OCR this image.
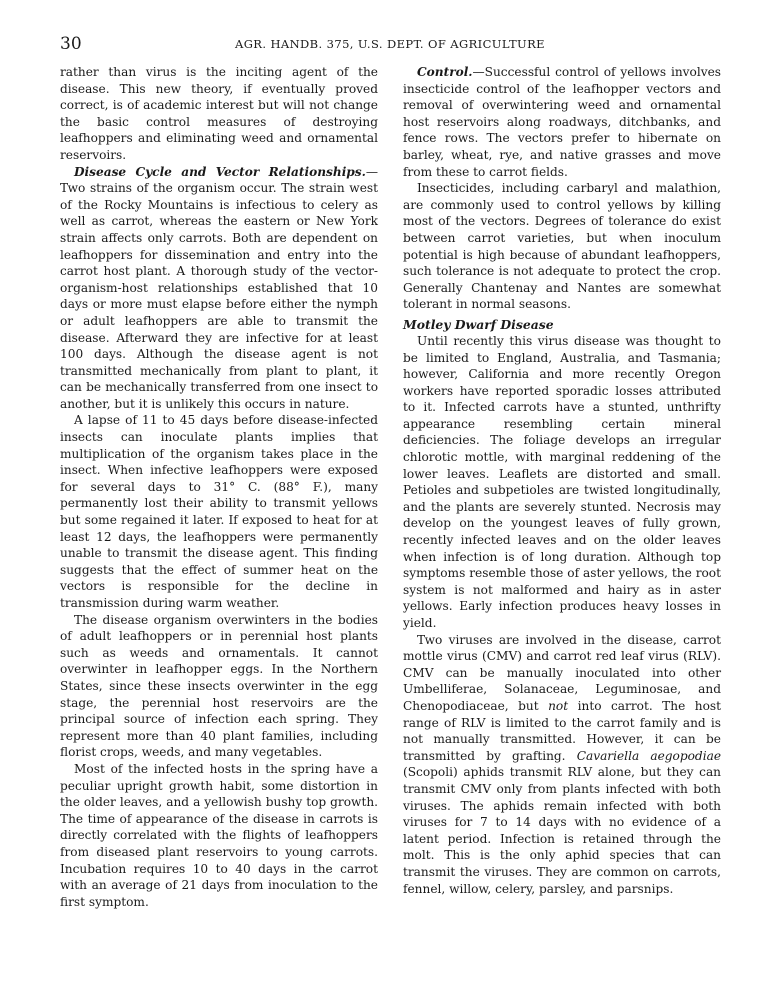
30	AGR. HANDB. 375, U.S. DEPT. OF AGRICULTURE

rather than virus is the inciting agent of the disease. This new theory, if eventually proved correct, is of academic interest but will not change the basic control measures of destroying leafhoppers and eliminating weed and ornamental reservoirs.

Disease Cycle and Vector Relationships.— Two strains of the organism occur. The strain west of the Rocky Mountains is infectious to celery as well as carrot, whereas the eastern or New York strain affects only carrots. Both are dependent on leafhoppers for dissemination and entry into the carrot host plant. A thorough study of the vector-organism-host relationships established that 10 days or more must elapse before either the nymph or adult leafhoppers are able to transmit the disease. Afterward they are infective for at least 100 days. Although the disease agent is not transmitted mechanically from plant to plant, it can be mechanically transferred from one insect to another, but it is unlikely this occurs in nature.

A lapse of 11 to 45 days before disease-infected insects can inoculate plants implies that multiplication of the organism takes place in the insect. When infective leafhoppers were exposed for several days to 31° C. (88° F.), many permanently lost their ability to transmit yellows but some regained it later. If exposed to heat for at least 12 days, the leafhoppers were permanently unable to transmit the disease agent. This finding suggests that the effect of summer heat on the vectors is responsible for the decline in transmission during warm weather.

The disease organism overwinters in the bodies of adult leafhoppers or in perennial host plants such as weeds and ornamentals. It cannot overwinter in leafhopper eggs. In the Northern States, since these insects overwinter in the egg stage, the perennial host reservoirs are the principal source of infection each spring. They represent more than 40 plant families, including florist crops, weeds, and many vegetables.

Most of the infected hosts in the spring have a peculiar upright growth habit, some distortion in the older leaves, and a yellowish bushy top growth. The time of appearance of the disease in carrots is directly correlated with the flights of leafhoppers from diseased plant reservoirs to young carrots. Incubation requires 10 to 40 days in the carrot with an average of 21 days from inoculation to the first symptom.

Control.—Successful control of yellows involves insecticide control of the leafhopper vectors and removal of overwintering weed and ornamental host reservoirs along roadways, ditchbanks, and fence rows. The vectors prefer to hibernate on barley, wheat, rye, and native grasses and move from these to carrot fields.

Insecticides, including carbaryl and malathion, are commonly used to control yellows by killing most of the vectors. Degrees of tolerance do exist between carrot varieties, but when inoculum potential is high because of abundant leafhoppers, such tolerance is not adequate to protect the crop. Generally Chantenay and Nantes are somewhat tolerant in normal seasons.

Motley Dwarf Disease

Until recently this virus disease was thought to be limited to England, Australia, and Tasmania; however, California and more recently Oregon workers have reported sporadic losses attributed to it. Infected carrots have a stunted, unthrifty appearance resembling certain mineral deficiencies. The foliage develops an irregular chlorotic mottle, with marginal reddening of the lower leaves. Leaflets are distorted and small. Petioles and subpetioles are twisted longitudinally, and the plants are severely stunted. Necrosis may develop on the youngest leaves of fully grown, recently infected leaves and on the older leaves when infection is of long duration. Although top symptoms resemble those of aster yellows, the root system is not malformed and hairy as in aster yellows. Early infection produces heavy losses in yield.

Two viruses are involved in the disease, carrot mottle virus (CMV) and carrot red leaf virus (RLV). CMV can be manually inoculated into other Umbelliferae, Solanaceae, Leguminosae, and Chenopodiaceae, but not into carrot. The host range of RLV is limited to the carrot family and is not manually transmitted. However, it can be transmitted by grafting. Cavariella aegopodiae (Scopoli) aphids transmit RLV alone, but they can transmit CMV only from plants infected with both viruses. The aphids remain infected with both viruses for 7 to 14 days with no evidence of a latent period. Infection is retained through the molt. This is the only aphid species that can transmit the viruses. They are common on carrots, fennel, willow, celery, parsley, and parsnips.
